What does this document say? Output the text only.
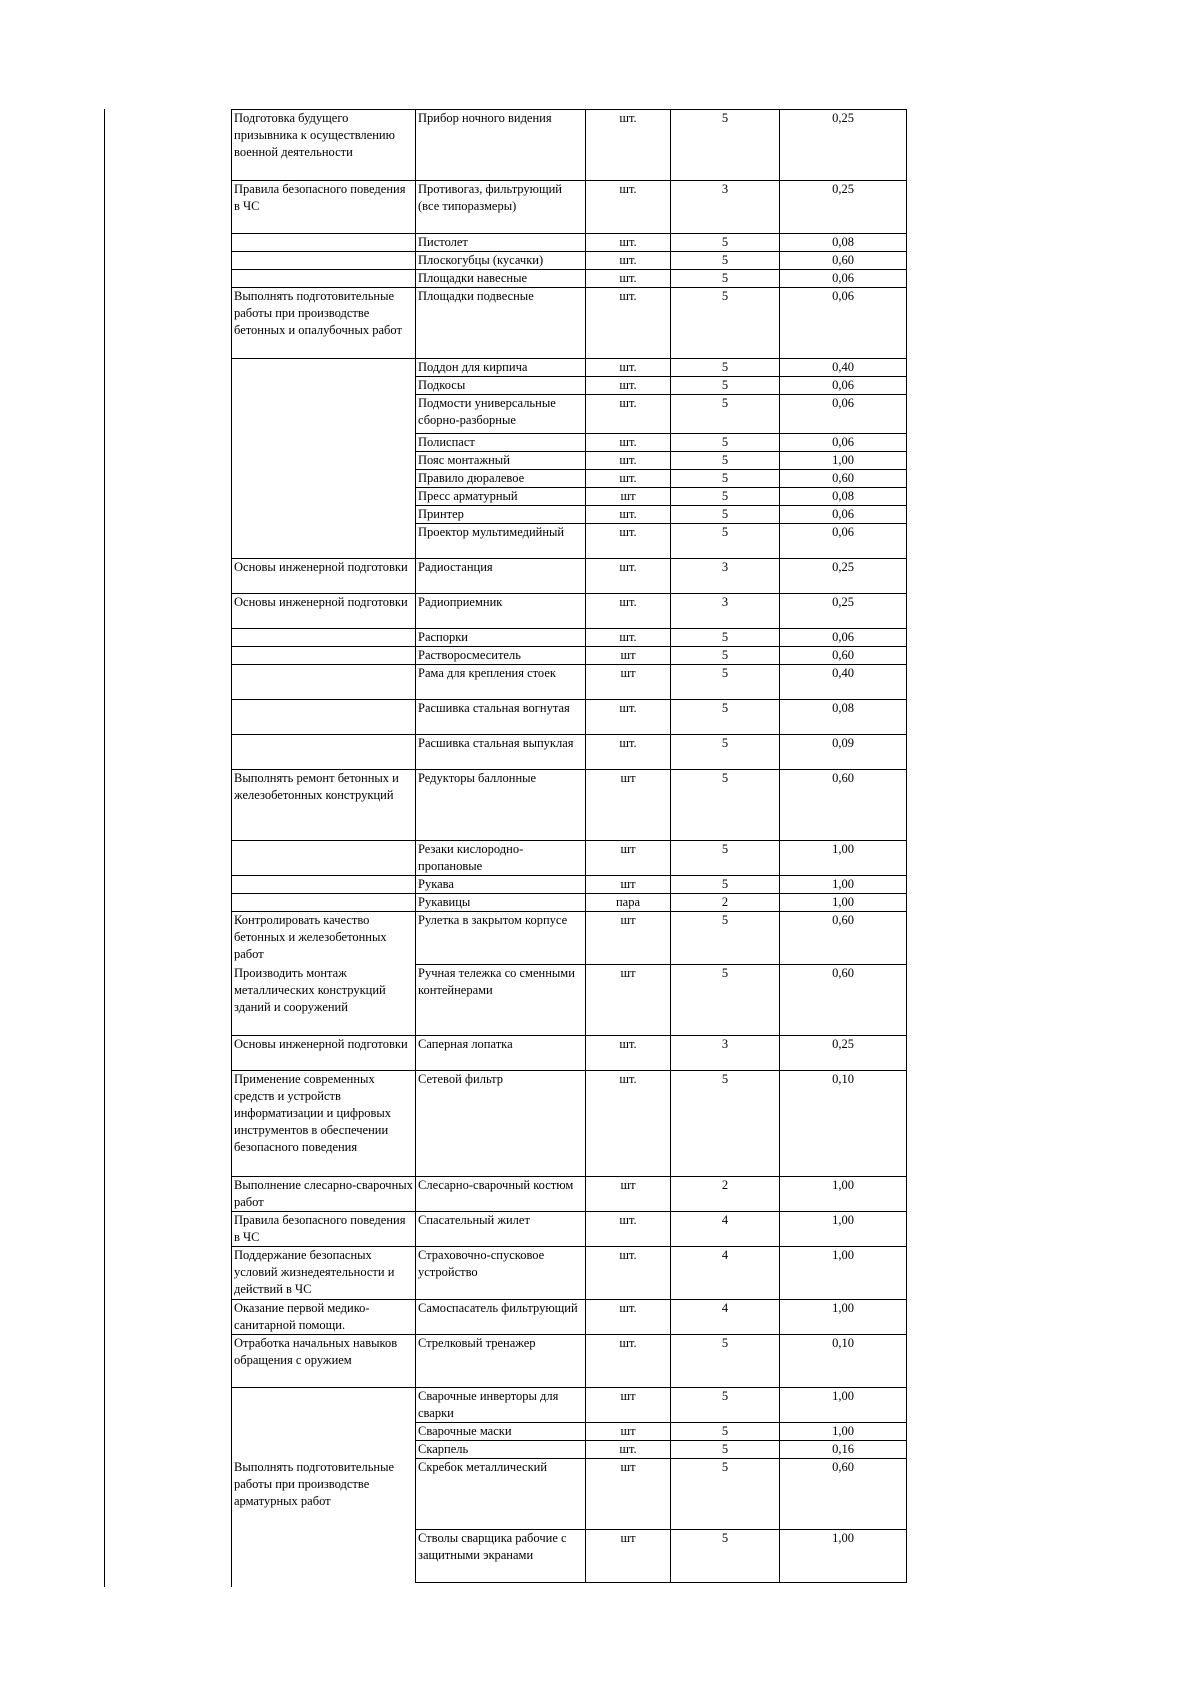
Подготовка будущего призывника к осуществлению военной деятельности	Прибор ночного видения	шт.	5	0,25
Правила безопасного поведения в ЧС	Противогаз, фильтрующий (все типоразмеры)	шт.	3	0,25
	Пистолет	шт.	5	0,08
	Плоскогубцы (кусачки)	шт.	5	0,60
	Площадки навесные	шт.	5	0,06
Выполнять подготовительные работы при производстве бетонных и опалубочных работ	Площадки подвесные	шт.	5	0,06
	Поддон для кирпича	шт.	5	0,40
	Подкосы	шт.	5	0,06
	Подмости универсальные сборно-разборные	шт.	5	0,06
	Полиспаст	шт.	5	0,06
	Пояс монтажный	шт.	5	1,00
	Правило дюралевое	шт.	5	0,60
	Пресс арматурный	шт	5	0,08
	Принтер	шт.	5	0,06
	Проектор мультимедийный	шт.	5	0,06
Основы инженерной подготовки	Радиостанция	шт.	3	0,25
Основы инженерной подготовки	Радиоприемник	шт.	3	0,25
	Распорки	шт.	5	0,06
	Растворосмеситель	шт	5	0,60
	Рама для крепления стоек	шт	5	0,40
	Расшивка стальная вогнутая	шт.	5	0,08
	Расшивка стальная выпуклая	шт.	5	0,09
Выполнять ремонт бетонных и железобетонных конструкций	Редукторы баллонные	шт	5	0,60
	Резаки кислородно-пропановые	шт	5	1,00
	Рукава	шт	5	1,00
	Рукавицы	пара	2	1,00
Контролировать качество бетонных и железобетонных работ	Рулетка в закрытом корпусе	шт	5	0,60
Производить монтаж металлических конструкций зданий и сооружений	Ручная тележка со сменными контейнерами	шт	5	0,60
Основы инженерной подготовки	Саперная лопатка	шт.	3	0,25
Применение современных средств и устройств информатизации и цифровых инструментов в обеспечении безопасного поведения	Сетевой фильтр	шт.	5	0,10
Выполнение слесарно-сварочных работ	Слесарно-сварочный костюм	шт	2	1,00
Правила безопасного поведения в ЧС	Спасательный жилет	шт.	4	1,00
Поддержание безопасных условий жизнедеятельности и действий в ЧС	Страховочно-спусковое устройство	шт.	4	1,00
Оказание первой медико-санитарной помощи.	Самоспасатель фильтрующий	шт.	4	1,00
Отработка начальных навыков обращения с оружием	Стрелковый тренажер	шт.	5	0,10
	Сварочные инверторы для сварки	шт	5	1,00
	Сварочные маски	шт	5	1,00
	Скарпель	шт.	5	0,16
Выполнять подготовительные работы при производстве арматурных работ	Скребок металлический	шт	5	0,60
	Стволы сварщика рабочие с защитными экранами	шт	5	1,00
